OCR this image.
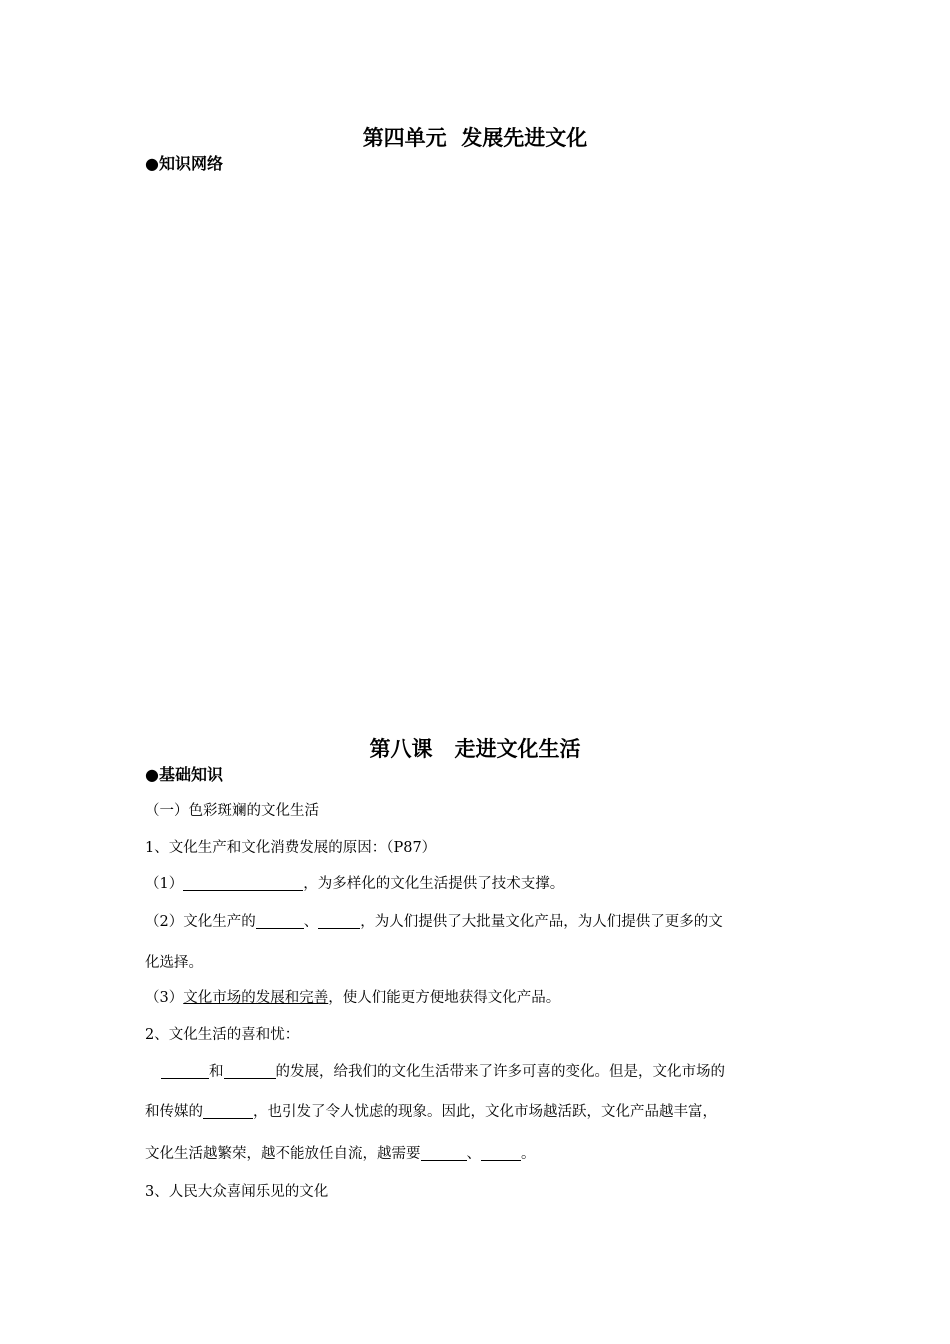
第四单元  发展先进文化
●知识网络
第八课   走进文化生活
●基础知识
（一）色彩斑斓的文化生活
1、文化生产和文化消费发展的原因：（P87）
（1）	，为多样化的文化生活提供了技术支撑。
（2）文化生产的	、	，为人们提供了大批量文化产品，为人们提供了更多的文
化选择。
（3）文化市场的发展和完善，使人们能更方便地获得文化产品。
2、文化生活的喜和忧：
和	的发展，给我们的文化生活带来了许多可喜的变化。但是，文化市场的
和传媒的	，也引发了令人忧虑的现象。因此，文化市场越活跃，文化产品越丰富，
文化生活越繁荣，越不能放任自流，越需要	、	。
3、人民大众喜闻乐见的文化
